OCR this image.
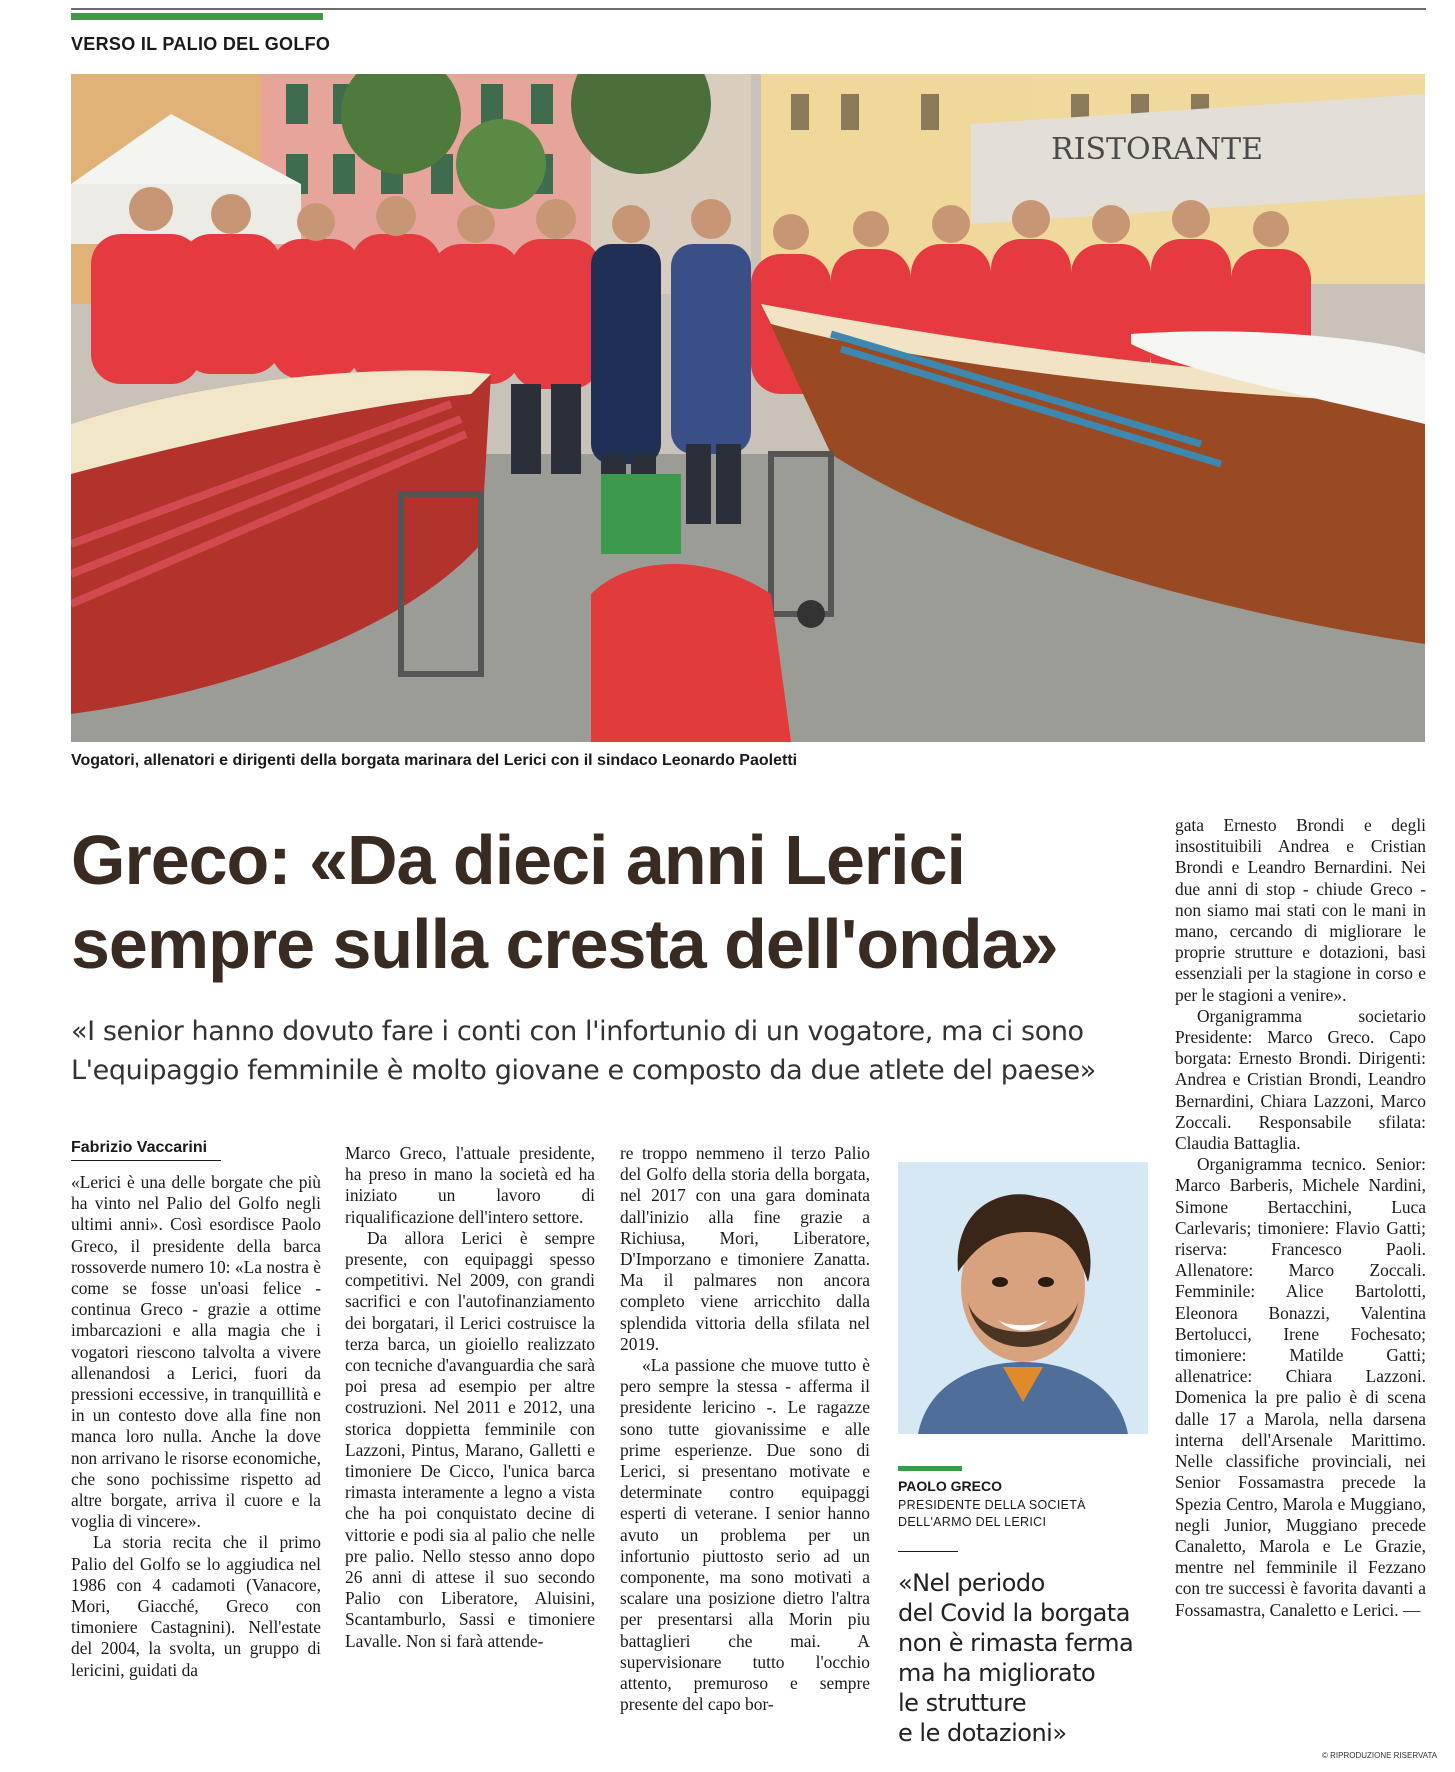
VERSO IL PALIO DEL GOLFO
RISTORANTE
Vogatori, allenatori e dirigenti della borgata marinara del Lerici con il sindaco Leonardo Paoletti
Greco: «Da dieci anni Lerici
sempre sulla cresta dell'onda»
«I senior hanno dovuto fare i conti con l'infortunio di un vogatore, ma ci sono
L'equipaggio femminile è molto giovane e composto da due atlete del paese»
Fabrizio Vaccarini

«Lerici è una delle borgate che più ha vinto nel Palio del Golfo negli ultimi anni». Così esordisce Paolo Greco, il presidente della barca rossoverde numero 10: «La nostra è come se fosse un'oasi felice - continua Greco - grazie a ottime imbarcazioni e alla magia che i vogatori riescono talvolta a vivere allenandosi a Lerici, fuori da pressioni eccessive, in tranquillità e in un contesto dove alla fine non manca loro nulla. Anche la dove non arrivano le risorse economiche, che sono pochissime rispetto ad altre borgate, arriva il cuore e la voglia di vincere».

La storia recita che il primo Palio del Golfo se lo aggiudica nel 1986 con 4 cadamoti (Vanacore, Mori, Giacché, Greco con timoniere Castagnini). Nell'estate del 2004, la svolta, un gruppo di lericini, guidati da

Marco Greco, l'attuale presidente, ha preso in mano la società ed ha iniziato un lavoro di riqualificazione dell'intero settore.

Da allora Lerici è sempre presente, con equipaggi spesso competitivi. Nel 2009, con grandi sacrifici e con l'autofinanziamento dei borgatari, il Lerici costruisce la terza barca, un gioiello realizzato con tecniche d'avanguardia che sarà poi presa ad esempio per altre costruzioni. Nel 2011 e 2012, una storica doppietta femminile con Lazzoni, Pintus, Marano, Galletti e timoniere De Cicco, l'unica barca rimasta interamente a legno a vista che ha poi conquistato decine di vittorie e podi sia al palio che nelle pre palio. Nello stesso anno dopo 26 anni di attese il suo secondo Palio con Liberatore, Aluisini, Scantamburlo, Sassi e timoniere Lavalle. Non si farà attende-

re troppo nemmeno il terzo Palio del Golfo della storia della borgata, nel 2017 con una gara dominata dall'inizio alla fine grazie a Richiusa, Mori, Liberatore, D'Imporzano e timoniere Zanatta. Ma il palmares non ancora completo viene arricchito dalla splendida vittoria della sfilata nel 2019.

«La passione che muove tutto è pero sempre la stessa - afferma il presidente lericino -. Le ragazze sono tutte giovanissime e alle prime esperienze. Due sono di Lerici, si presentano motivate e determinate contro equipaggi esperti di veterane. I senior hanno avuto un problema per un infortunio piuttosto serio ad un componente, ma sono motivati a scalare una posizione dietro l'altra per presentarsi alla Morin piu battaglieri che mai. A supervisionare tutto l'occhio attento, premuroso e sempre presente del capo bor-

PAOLO GRECO
PRESIDENTE DELLA SOCIETÀ
DELL'ARMO DEL LERICI
«Nel periodo
del Covid la borgata
non è rimasta ferma
ma ha migliorato
le strutture
e le dotazioni»

gata Ernesto Brondi e degli insostituibili Andrea e Cristian Brondi e Leandro Bernardini. Nei due anni di stop - chiude Greco - non siamo mai stati con le mani in mano, cercando di migliorare le proprie strutture e dotazioni, basi essenziali per la stagione in corso e per le stagioni a venire».

Organigramma societario Presidente: Marco Greco. Capo borgata: Ernesto Brondi. Dirigenti: Andrea e Cristian Brondi, Leandro Bernardini, Chiara Lazzoni, Marco Zoccali. Responsabile sfilata: Claudia Battaglia.

Organigramma tecnico. Senior: Marco Barberis, Michele Nardini, Simone Bertacchini, Luca Carlevaris; timoniere: Flavio Gatti; riserva: Francesco Paoli. Allenatore: Marco Zoccali. Femminile: Alice Bartolotti, Eleonora Bonazzi, Valentina Bertolucci, Irene Fochesato; timoniere: Matilde Gatti; allenatrice: Chiara Lazzoni. Domenica la pre palio è di scena dalle 17 a Marola, nella darsena interna dell'Arsenale Marittimo. Nelle classifiche provinciali, nei Senior Fossamastra precede la Spezia Centro, Marola e Muggiano, negli Junior, Muggiano precede Canaletto, Marola e Le Grazie, mentre nel femminile il Fezzano con tre successi è favorita davanti a Fossamastra, Canaletto e Lerici. —

© RIPRODUZIONE RISERVATA
